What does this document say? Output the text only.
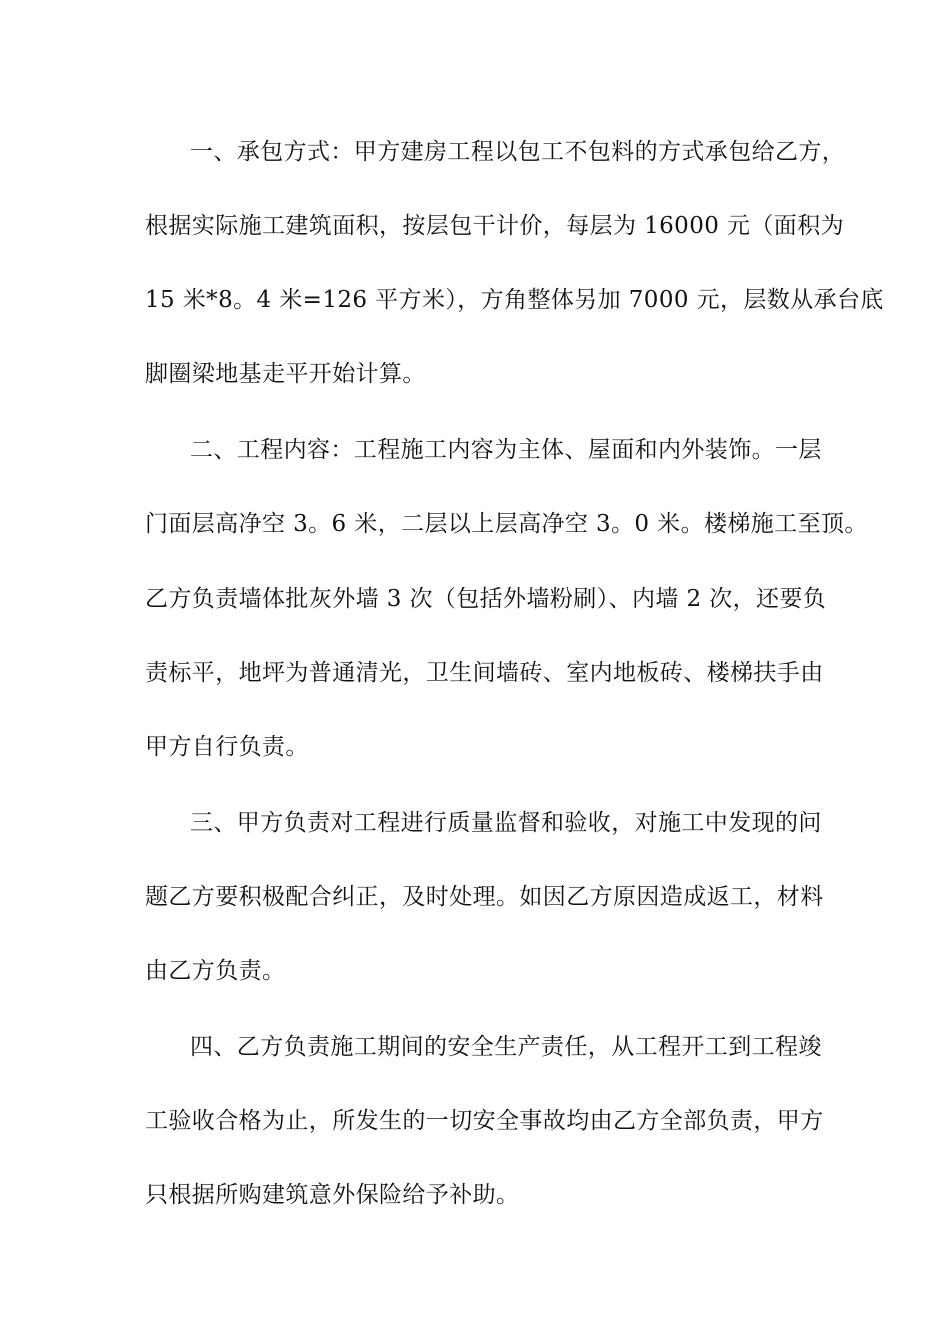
一、承包方式：甲方建房工程以包工不包料的方式承包给乙方，
根据实际施工建筑面积，按层包干计价，每层为 16000 元（面积为
15 米*8。4 米=126 平方米），方角整体另加 7000 元，层数从承台底
脚圈梁地基走平开始计算。
二、工程内容：工程施工内容为主体、屋面和内外装饰。一层
门面层高净空 3。6 米，二层以上层高净空 3。0 米。楼梯施工至顶。
乙方负责墙体批灰外墙 3 次（包括外墙粉刷）、内墙 2 次，还要负
责标平，地坪为普通清光，卫生间墙砖、室内地板砖、楼梯扶手由
甲方自行负责。
三、甲方负责对工程进行质量监督和验收，对施工中发现的问
题乙方要积极配合纠正，及时处理。如因乙方原因造成返工，材料
由乙方负责。
四、乙方负责施工期间的安全生产责任，从工程开工到工程竣
工验收合格为止，所发生的一切安全事故均由乙方全部负责，甲方
只根据所购建筑意外保险给予补助。
